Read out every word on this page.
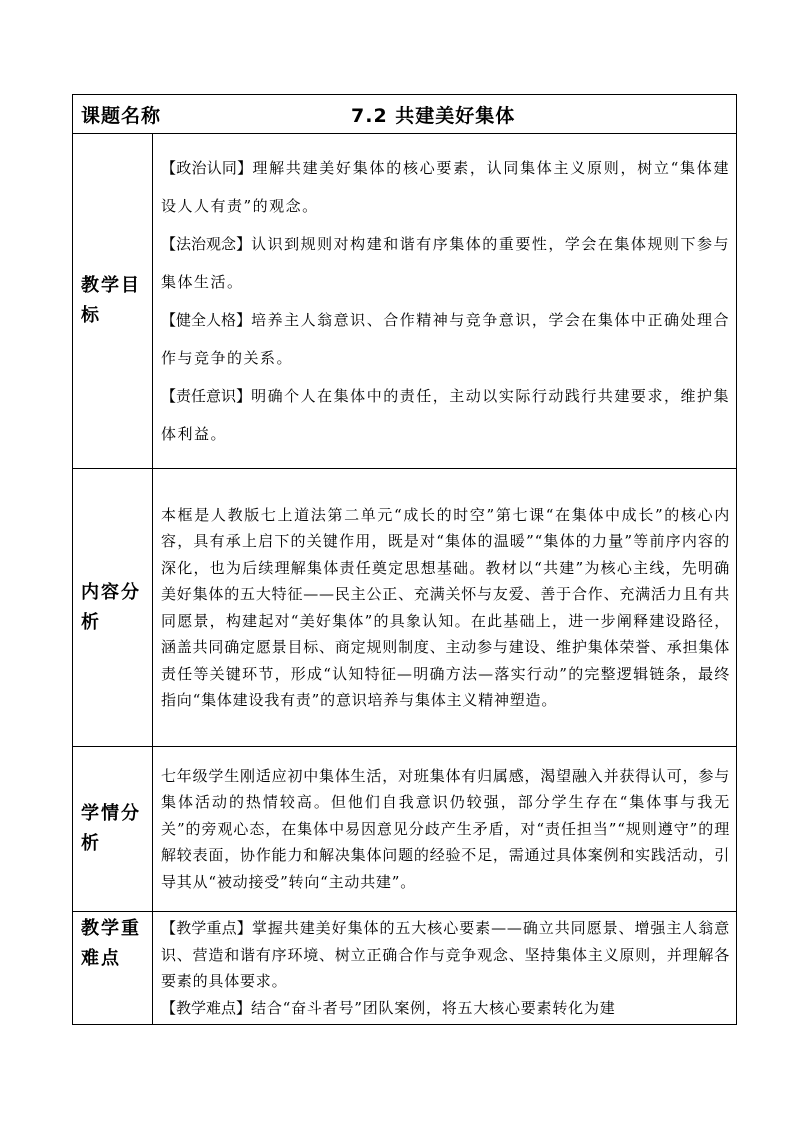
课题名称 7.2 共建美好集体	
教学目标	【政治认同】理解共建美好集体的核心要素，认同集体主义原则，树立“集体建设人人有责”的观念。

【法治观念】认识到规则对构建和谐有序集体的重要性，学会在集体规则下参与集体生活。

【健全人格】培养主人翁意识、合作精神与竞争意识，学会在集体中正确处理合作与竞争的关系。

【责任意识】明确个人在集体中的责任，主动以实际行动践行共建要求，维护集体利益。

内容分析	本框是人教版七上道法第二单元“成长的时空”第七课“在集体中成长”的核心内容，具有承上启下的关键作用，既是对“集体的温暖”“集体的力量”等前序内容的深化，也为后续理解集体责任奠定思想基础。教材以“共建”为核心主线，先明确美好集体的五大特征——民主公正、充满关怀与友爱、善于合作、充满活力且有共同愿景，构建起对“美好集体”的具象认知。在此基础上，进一步阐释建设路径，涵盖共同确定愿景目标、商定规则制度、主动参与建设、维护集体荣誉、承担集体责任等关键环节，形成“认知特征—明确方法—落实行动”的完整逻辑链条，最终指向“集体建设我有责”的意识培养与集体主义精神塑造。

学情分析	七年级学生刚适应初中集体生活，对班集体有归属感，渴望融入并获得认可，参与集体活动的热情较高。但他们自我意识仍较强，部分学生存在“集体事与我无关”的旁观心态，在集体中易因意见分歧产生矛盾，对“责任担当”“规则遵守”的理解较表面，协作能力和解决集体问题的经验不足，需通过具体案例和实践活动，引导其从“被动接受”转向“主动共建”。

教学重难点	【教学重点】掌握共建美好集体的五大核心要素——确立共同愿景、增强主人翁意识、营造和谐有序环境、树立正确合作与竞争观念、坚持集体主义原则，并理解各要素的具体要求。

【教学难点】结合“奋斗者号”团队案例，将五大核心要素转化为建
